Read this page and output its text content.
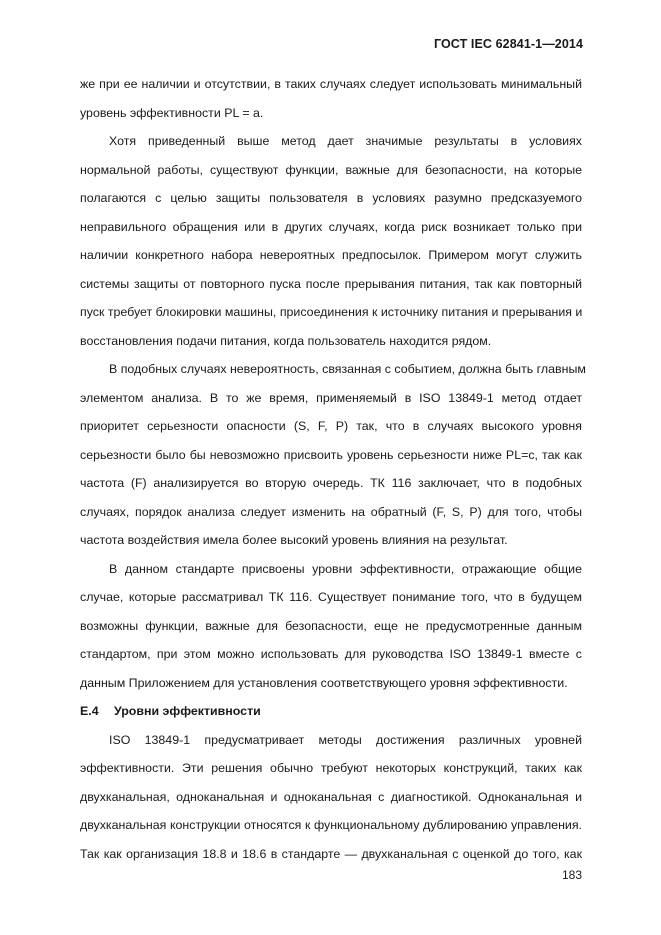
ГОСТ IEC 62841-1—2014
же при ее наличии и отсутствии, в таких случаях следует использовать минимальный
уровень эффективности PL = a.
Хотя приведенный выше метод дает значимые результаты в условиях
нормальной работы, существуют функции, важные для безопасности, на которые
полагаются с целью защиты пользователя в условиях разумно предсказуемого
неправильного обращения или в других случаях, когда риск возникает только при
наличии конкретного набора невероятных предпосылок. Примером могут служить
системы защиты от повторного пуска после прерывания питания, так как повторный
пуск требует блокировки машины, присоединения к источнику питания и прерывания и
восстановления подачи питания, когда пользователь находится рядом.
В подобных случаях невероятность, связанная с событием, должна быть главным
элементом анализа. В то же время, применяемый в ISO 13849-1 метод отдает
приоритет серьезности опасности (S, F, P) так, что в случаях высокого уровня
серьезности было бы невозможно присвоить уровень серьезности ниже PL=c, так как
частота (F) анализируется во вторую очередь. ТК 116 заключает, что в подобных
случаях, порядок анализа следует изменить на обратный (F, S, P) для того, чтобы
частота воздействия имела более высокий уровень влияния на результат.
В данном стандарте присвоены уровни эффективности, отражающие общие
случае, которые рассматривал ТК 116. Существует понимание того, что в будущем
возможны функции, важные для безопасности, еще не предусмотренные данным
стандартом, при этом можно использовать для руководства ISO 13849-1 вместе с
данным Приложением для установления соответствующего уровня эффективности.
Е.4 Уровни эффективности
ISO 13849-1 предусматривает методы достижения различных уровней
эффективности. Эти решения обычно требуют некоторых конструкций, таких как
двухканальная, одноканальная и одноканальная с диагностикой. Одноканальная и
двухканальная конструкции относятся к функциональному дублированию управления.
Так как организация 18.8 и 18.6 в стандарте — двухканальная с оценкой до того, как
183
